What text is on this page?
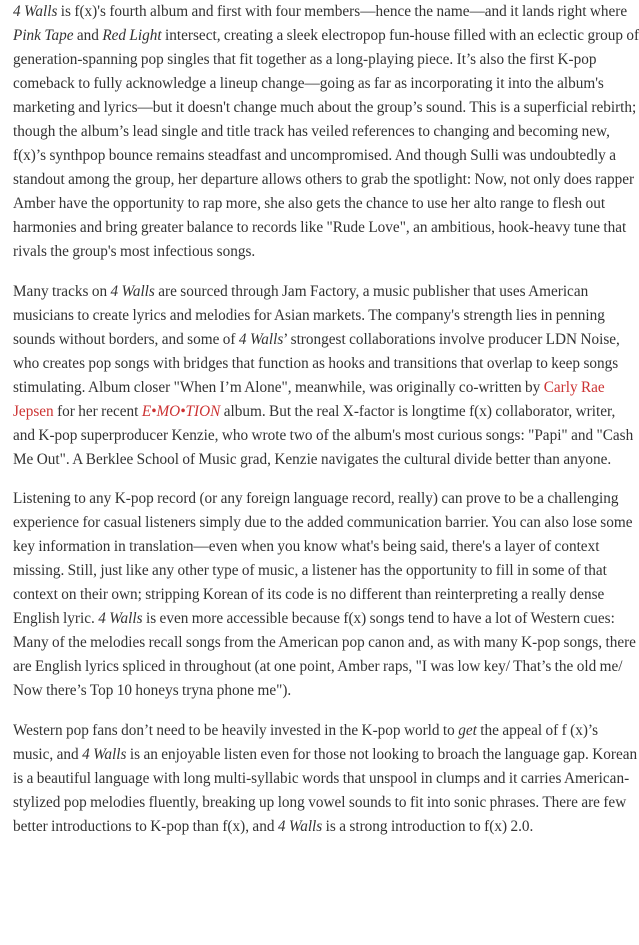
4 Walls is f(x)'s fourth album and first with four members—hence the name—and it lands right where Pink Tape and Red Light intersect, creating a sleek electropop fun-house filled with an eclectic group of generation-spanning pop singles that fit together as a long-playing piece. It’s also the first K-pop comeback to fully acknowledge a lineup change—going as far as incorporating it into the album's marketing and lyrics—but it doesn't change much about the group’s sound. This is a superficial rebirth; though the album’s lead single and title track has veiled references to changing and becoming new, f(x)’s synthpop bounce remains steadfast and uncompromised. And though Sulli was undoubtedly a standout among the group, her departure allows others to grab the spotlight: Now, not only does rapper Amber have the opportunity to rap more, she also gets the chance to use her alto range to flesh out harmonies and bring greater balance to records like "Rude Love", an ambitious, hook-heavy tune that rivals the group's most infectious songs.

Many tracks on 4 Walls are sourced through Jam Factory, a music publisher that uses American musicians to create lyrics and melodies for Asian markets. The company's strength lies in penning sounds without borders, and some of 4 Walls’ strongest collaborations involve producer LDN Noise, who creates pop songs with bridges that function as hooks and transitions that overlap to keep songs stimulating. Album closer "When I’m Alone", meanwhile, was originally co-written by Carly Rae Jepsen for her recent E•MO•TION album. But the real X-factor is longtime f(x) collaborator, writer, and K-pop superproducer Kenzie, who wrote two of the album's most curious songs: "Papi" and "Cash Me Out". A Berklee School of Music grad, Kenzie navigates the cultural divide better than anyone.

Listening to any K-pop record (or any foreign language record, really) can prove to be a challenging experience for casual listeners simply due to the added communication barrier. You can also lose some key information in translation—even when you know what's being said, there's a layer of context missing. Still, just like any other type of music, a listener has the opportunity to fill in some of that context on their own; stripping Korean of its code is no different than reinterpreting a really dense English lyric. 4 Walls is even more accessible because f(x) songs tend to have a lot of Western cues: Many of the melodies recall songs from the American pop canon and, as with many K-pop songs, there are English lyrics spliced in throughout (at one point, Amber raps, "I was low key/ That’s the old me/ Now there’s Top 10 honeys tryna phone me").

Western pop fans don’t need to be heavily invested in the K-pop world to get the appeal of f (x)’s music, and 4 Walls is an enjoyable listen even for those not looking to broach the language gap. Korean is a beautiful language with long multi-syllabic words that unspool in clumps and it carries American-stylized pop melodies fluently, breaking up long vowel sounds to fit into sonic phrases. There are few better introductions to K-pop than f(x), and 4 Walls is a strong introduction to f(x) 2.0.
